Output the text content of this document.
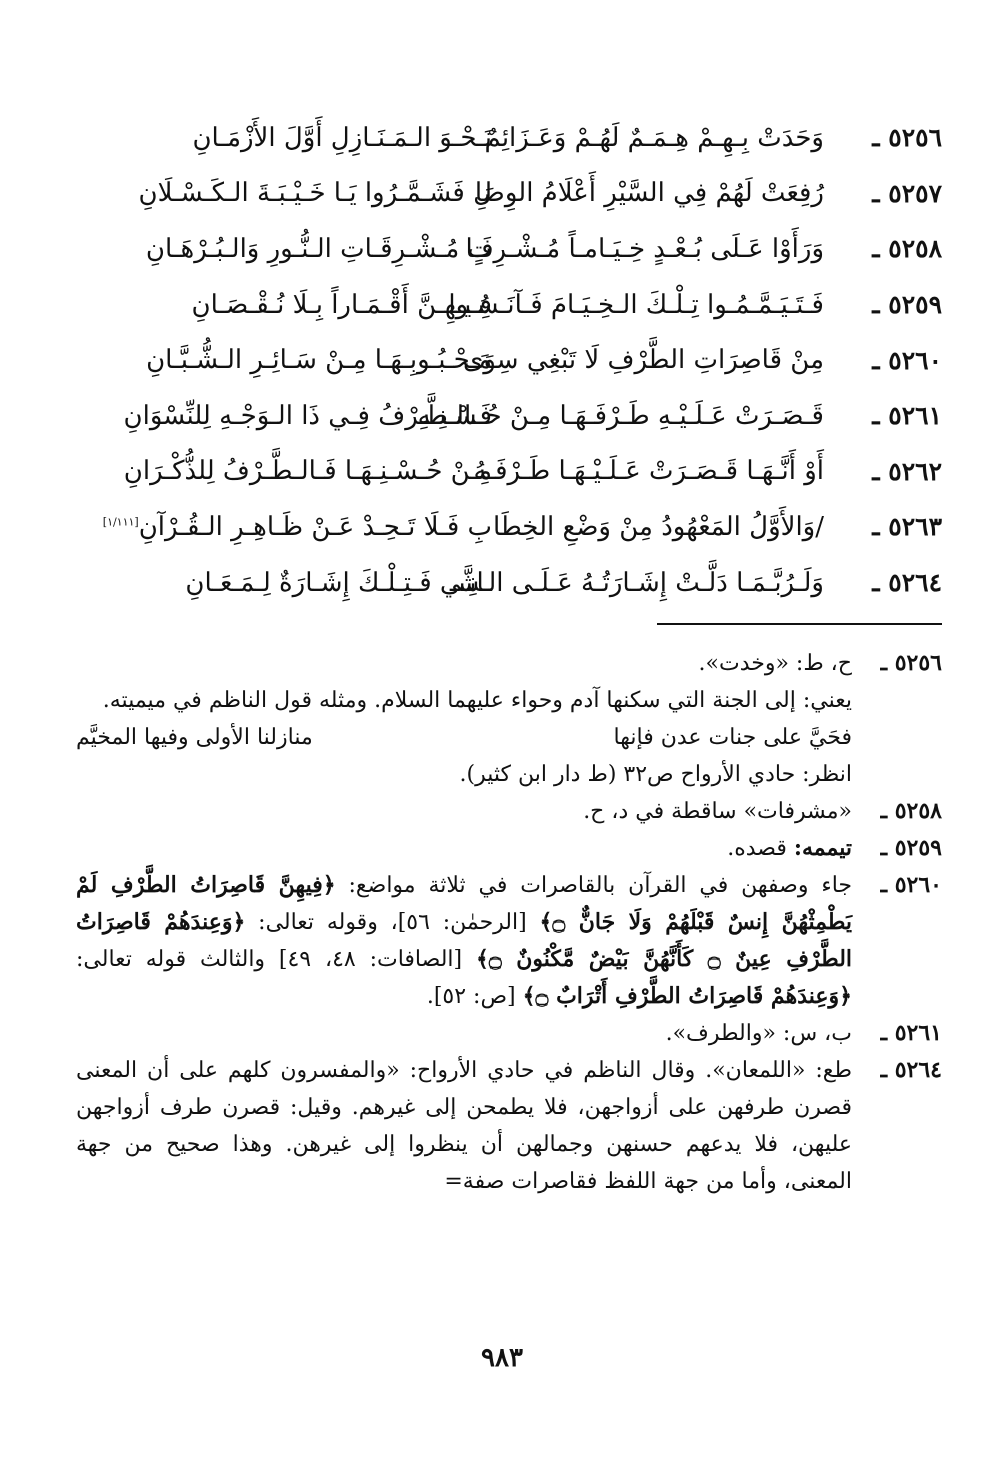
٥٢٥٦ ـ
وَحَدَتْ بِـهِـمْ هِـمَـمٌ لَهُـمْ وَعَـزَائِمٌ
نَـحْـوَ الـمَـنَـازِلِ أَوَّلَ الأَزْمَـانِ
٥٢٥٧ ـ
رُفِعَتْ لَهُمْ فِي السَّيْرِ أَعْلَامُ الوِصَا
لِ فَشَـمَّـرُوا يَـا خَـيْـبَـةَ الـكَـسْـلَانِ
٥٢٥٨ ـ
وَرَأَوْا عَـلَى بُـعْـدٍ خِـيَـامـاً مُـشْـرِفَـا
تٍ مُـشْـرِقَـاتِ الـنُّـورِ وَالـبُـرْهَـانِ
٥٢٥٩ ـ
فَـتَـيَـمَّـمُـوا تِـلْـكَ الـخِـيَـامَ فَـآنَـسُـوا
فِـيـهِـنَّ أَقْـمَـاراً بِـلَا نُـقْـصَـانِ
٥٢٦٠ ـ
مِنْ قَاصِرَاتِ الطَّرْفِ لَا تَبْغِي سِوَى
مَـحْـبُـوبِـهَـا مِـنْ سَـائِـرِ الـشُّـبَّـانِ
٥٢٦١ ـ
قَـصَـرَتْ عَـلَـيْـهِ طَـرْفَـهَـا مِـنْ حُـسْـنِـهِ
فَـالـطَّـرْفُ فِـي ذَا الـوَجْـهِ لِلنِّسْوَانِ
٥٢٦٢ ـ
أَوْ أَنَّـهَـا قَـصَـرَتْ عَـلَـيْـهَـا طَـرْفَـهُ
مِـنْ حُـسْـنِـهَـا فَـالـطَّـرْفُ لِلذُّكْـرَانِ
٥٢٦٣ ـ
/وَالأَوَّلُ المَعْهُودُ مِنْ وَضْعِ الخِطَا
بِ فَـلَا تَـحِـدْ عَـنْ ظَـاهِـرِ الـقُـرْآنِ[١/١١١]
٥٢٦٤ ـ
وَلَـرُبَّـمَـا دَلَّـتْ إِشَـارَتُـهُ عَـلَـى الـشَّـ
ـانِـي فَـتِـلْـكَ إِشَـارَةٌ لِـمَـعَـانِ
٥٢٥٦ ـ

ح، ط: «وخدت».

يعني: إلى الجنة التي سكنها آدم وحواء عليهما السلام. ومثله قول الناظم في ميميته.

فحَيَّ على جنات عدن فإنها
منازلنا الأولى وفيها المخيَّم

انظر: حادي الأرواح ص٣٢ (ط دار ابن كثير).

٥٢٥٨ ـ

«مشرفات» ساقطة في د، ح.

٥٢٥٩ ـ

تيممه: قصده.

٥٢٦٠ ـ

جاء وصفهن في القرآن بالقاصرات في ثلاثة مواضع: ﴿فِيهِنَّ قَاصِرَاتُ الطَّرْفِ لَمْ يَطْمِثْهُنَّ إِنسٌ قَبْلَهُمْ وَلَا جَانٌّ ۝﴾ [الرحمٰن: ٥٦]، وقوله تعالى: ﴿وَعِندَهُمْ قَاصِرَاتُ الطَّرْفِ عِينٌ ۝ كَأَنَّهُنَّ بَيْضٌ مَّكْنُونٌ ۝﴾ [الصافات: ٤٨، ٤٩] والثالث قوله تعالى: ﴿وَعِندَهُمْ قَاصِرَاتُ الطَّرْفِ أَتْرَابٌ ۝﴾ [ص: ٥٢].

٥٢٦١ ـ

ب، س: «والطرف».

٥٢٦٤ ـ

طع: «اللمعان». وقال الناظم في حادي الأرواح: «والمفسرون كلهم على أن المعنى قصرن طرفهن على أزواجهن، فلا يطمحن إلى غيرهم. وقيل: قصرن طرف أزواجهن عليهن، فلا يدعهم حسنهن وجمالهن أن ينظروا إلى غيرهن. وهذا صحيح من جهة المعنى، وأما من جهة اللفظ فقاصرات صفة=

٩٨٣
